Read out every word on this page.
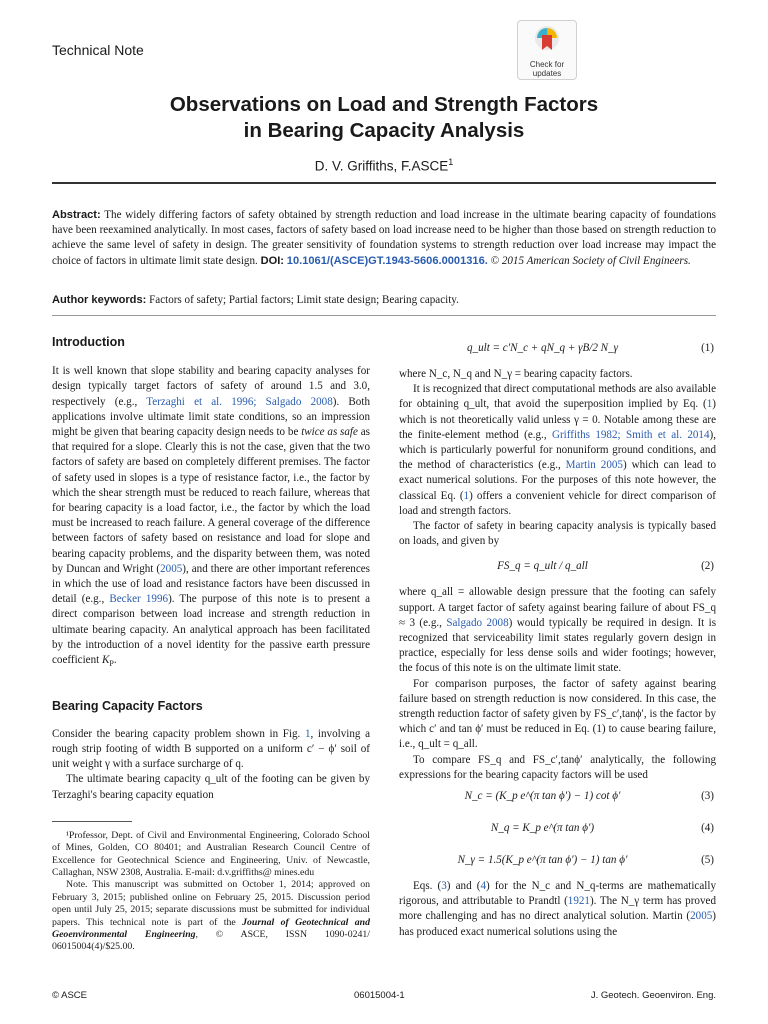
Technical Note
Check for
updates
Observations on Load and Strength Factors
in Bearing Capacity Analysis
D. V. Griffiths, F.ASCE$^1$
Abstract: The widely differing factors of safety obtained by strength reduction and load increase in the ultimate bearing capacity of foundations have been reexamined analytically. In most cases, factors of safety based on load increase need to be higher than those based on strength reduction to achieve the same level of safety in design. The greater sensitivity of foundation systems to strength reduction over load increase may impact the choice of factors in ultimate limit state design. DOI: 10.1061/(ASCE)GT.1943-5606.0001316. © 2015 American Society of Civil Engineers.
Author keywords: Factors of safety; Partial factors; Limit state design; Bearing capacity.

Introduction

It is well known that slope stability and bearing capacity analyses for design typically target factors of safety of around 1.5 and 3.0, respectively (e.g., Terzaghi et al. 1996; Salgado 2008). Both applications involve ultimate limit state conditions, so an impression might be given that bearing capacity design needs to be twice as safe as that required for a slope. Clearly this is not the case, given that the two factors of safety are based on completely different premises. The factor of safety used in slopes is a type of resistance factor, i.e., the factor by which the shear strength must be reduced to reach failure, whereas that for bearing capacity is a load factor, i.e., the factor by which the load must be increased to reach failure. A general coverage of the difference between factors of safety based on resistance and load for slope and bearing capacity problems, and the disparity between them, was noted by Duncan and Wright (2005), and there are other important references in which the use of load and resistance factors have been discussed in detail (e.g., Becker 1996). The purpose of this note is to present a direct comparison between load increase and strength reduction in ultimate bearing capacity. An analytical approach has been facilitated by the introduction of a novel identity for the passive earth pressure coefficient $K_P$.

Bearing Capacity Factors

Consider the bearing capacity problem shown in Fig. 1, involving a rough strip footing of width B supported on a uniform c′ − ϕ′ soil of unit weight γ with a surface surcharge of q.

The ultimate bearing capacity q_ult of the footing can be given by Terzaghi's bearing capacity equation

¹Professor, Dept. of Civil and Environmental Engineering, Colorado School of Mines, Golden, CO 80401; and Australian Research Council Centre of Excellence for Geotechnical Science and Engineering, Univ. of Newcastle, Callaghan, NSW 2308, Australia. E-mail: d.v.griffiths@ mines.edu

Note. This manuscript was submitted on October 1, 2014; approved on February 3, 2015; published online on February 25, 2015. Discussion period open until July 25, 2015; separate discussions must be submitted for individual papers. This technical note is part of the Journal of Geotechnical and Geoenvironmental Engineering, © ASCE, ISSN 1090-0241/ 06015004(4)/$25.00.

q_ult = c′N_c + qN_q + γB/2 N_γ	(1)

where N_c, N_q and N_γ = bearing capacity factors.

It is recognized that direct computational methods are also available for obtaining q_ult, that avoid the superposition implied by Eq. (1) which is not theoretically valid unless γ = 0. Notable among these are the finite-element method (e.g., Griffiths 1982; Smith et al. 2014), which is particularly powerful for nonuniform ground conditions, and the method of characteristics (e.g., Martin 2005) which can lead to exact numerical solutions. For the purposes of this note however, the classical Eq. (1) offers a convenient vehicle for direct comparison of load and strength factors.

The factor of safety in bearing capacity analysis is typically based on loads, and given by

FS_q = q_ult / q_all	(2)

where q_all = allowable design pressure that the footing can safely support. A target factor of safety against bearing failure of about FS_q ≈ 3 (e.g., Salgado 2008) would typically be required in design. It is recognized that serviceability limit states regularly govern design in practice, especially for less dense soils and wider footings; however, the focus of this note is on the ultimate limit state.

For comparison purposes, the factor of safety against bearing failure based on strength reduction is now considered. In this case, the strength reduction factor of safety given by FS_c′,tanϕ′, is the factor by which c′ and tan ϕ′ must be reduced in Eq. (1) to cause bearing failure, i.e., q_ult = q_all.

To compare FS_q and FS_c′,tanϕ′ analytically, the following expressions for the bearing capacity factors will be used

N_c = (K_p e^(π tan ϕ′) − 1) cot ϕ′	(3)
N_q = K_p e^(π tan ϕ′)	(4)
N_γ = 1.5(K_p e^(π tan ϕ′) − 1) tan ϕ′	(5)

Eqs. (3) and (4) for the N_c and N_q-terms are mathematically rigorous, and attributable to Prandtl (1921). The N_γ term has proved more challenging and has no direct analytical solution. Martin (2005) has produced exact numerical solutions using the

© ASCE	06015004-1	J. Geotech. Geoenviron. Eng.
